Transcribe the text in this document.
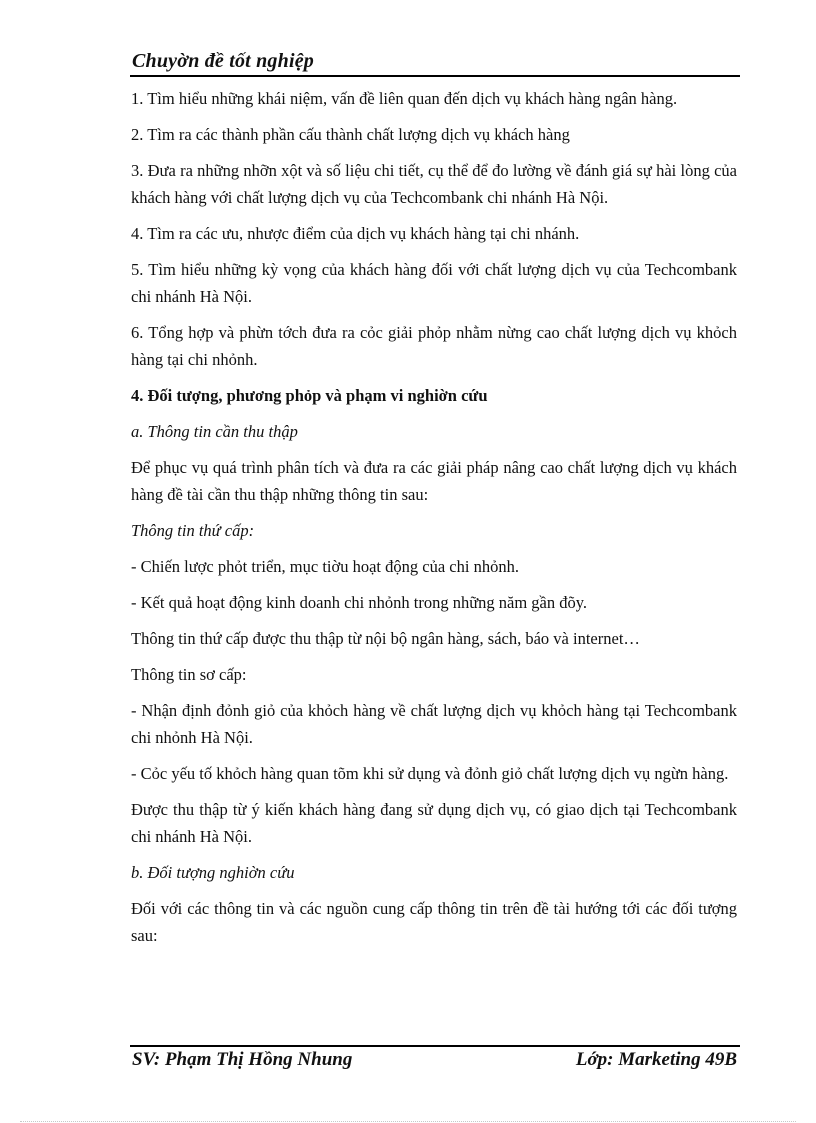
Chuyờn đề tốt nghiệp

1. Tìm hiểu những khái niệm, vấn đề liên quan đến dịch vụ khách hàng ngân hàng.

2. Tìm ra các thành phần cấu thành chất lượng dịch vụ khách hàng

3. Đưa ra những nhỡn xột và số liệu chi tiết, cụ thể để đo lường về đánh giá sự hài lòng của khách hàng với chất lượng dịch vụ của Techcombank chi nhánh Hà Nội.

4. Tìm ra các ưu, nhược điểm của dịch vụ khách hàng tại chi nhánh.

5. Tìm hiểu những kỳ vọng của khách hàng đối với chất lượng dịch vụ của Techcombank chi nhánh Hà Nội.

6. Tổng hợp và phừn tớch đưa ra cỏc giải phỏp nhằm nừng cao chất lượng dịch vụ khỏch hàng tại chi nhỏnh.

4. Đối tượng, phương phỏp và phạm vi nghiờn cứu

a. Thông tin cần thu thập

Để phục vụ quá trình phân tích và đưa ra các giải pháp nâng cao chất lượng dịch vụ khách hàng đề tài cần thu thập những thông tin sau:

Thông tin thứ cấp:

- Chiến lược phỏt triển, mục tiờu hoạt động của chi nhỏnh.

- Kết quả hoạt động kinh doanh chi nhỏnh trong những năm gần đõy.

Thông tin thứ cấp được thu thập từ nội bộ ngân hàng, sách, báo và internet…

Thông tin sơ cấp:

- Nhận định đỏnh giỏ của khỏch hàng về chất lượng dịch vụ khỏch hàng tại Techcombank chi nhỏnh Hà Nội.

- Cỏc yếu tố khỏch hàng quan tõm khi sử dụng và đỏnh giỏ chất lượng dịch vụ ngừn hàng.

Được thu thập từ ý kiến khách hàng đang sử dụng dịch vụ, có giao dịch tại Techcombank chi nhánh Hà Nội.

b. Đối tượng nghiờn cứu

Đối với các thông tin và các nguồn cung cấp thông tin trên đề tài hướng tới các đối tượng sau:

SV: Phạm Thị Hồng Nhung	Lớp: Marketing 49B
